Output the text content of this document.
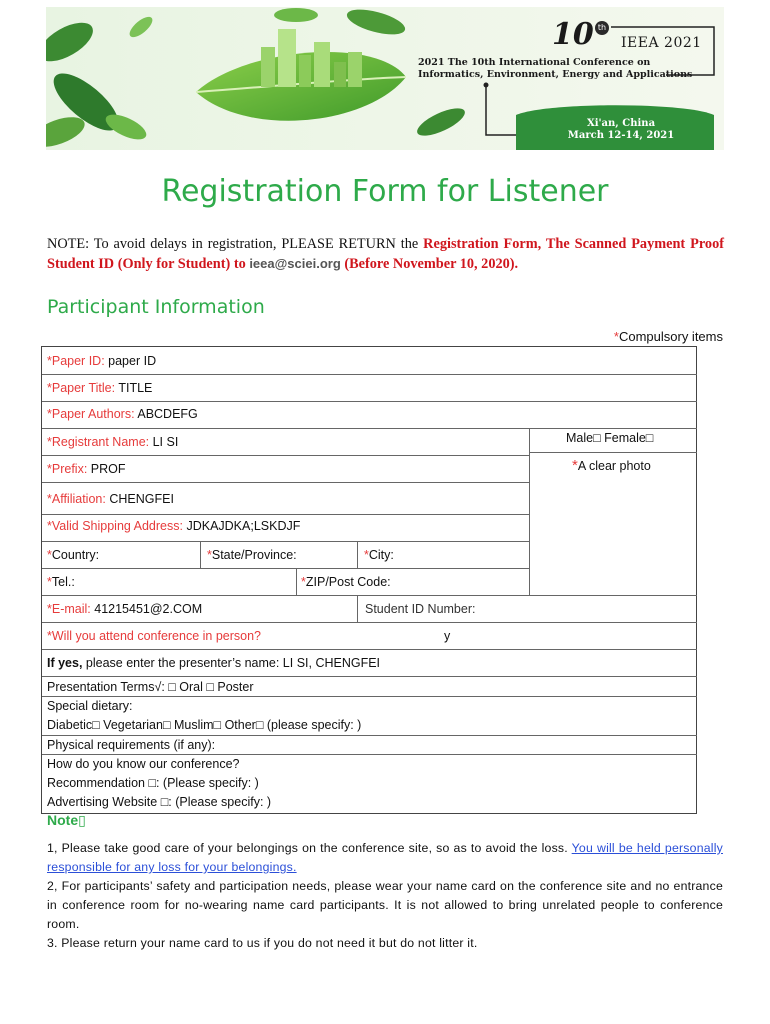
10 th
IEEA 2021
2021 The 10th International Conference on
Informatics, Environment, Energy and Applications
Xi'an, China
March 12-14, 2021
Registration Form for Listener
NOTE: To avoid delays in registration, PLEASE RETURN the Registration Form, The Scanned Payment Proof Student ID (Only for Student) to ieea@sciei.org (Before November 10, 2020).
Participant Information
*Compulsory items
*Paper ID: paper ID
*Paper Title: TITLE
*Paper Authors: ABCDEFG
*Registrant Name: LI SI	Male□ Female□
*Prefix: PROF	*A clear photo
*Affiliation: CHENGFEI
*Valid Shipping Address: JDKAJDKA;LSKDJF
*Country:	*State/Province:	*City:
*Tel.:	*ZIP/Post Code:
*E-mail: 41215451@2.COM	Student ID Number:
*Will you attend conference in person?	y
If yes, please enter the presenter’s name: LI SI, CHENGFEI
Presentation Terms√: □ Oral □ Poster
Special dietary:
Diabetic□ Vegetarian□ Muslim□ Other□ (please specify: )
Physical requirements (if any):
How do you know our conference?
Recommendation □: (Please specify: )
Advertising Website □: (Please specify: )
Note▯

1, Please take good care of your belongings on the conference site, so as to avoid the loss. You will be held personally responsible for any loss for your belongings.

2, For participants’ safety and participation needs, please wear your name card on the conference site and no entrance in conference room for no-wearing name card participants. It is not allowed to bring unrelated people to conference room.

3. Please return your name card to us if you do not need it but do not litter it.
